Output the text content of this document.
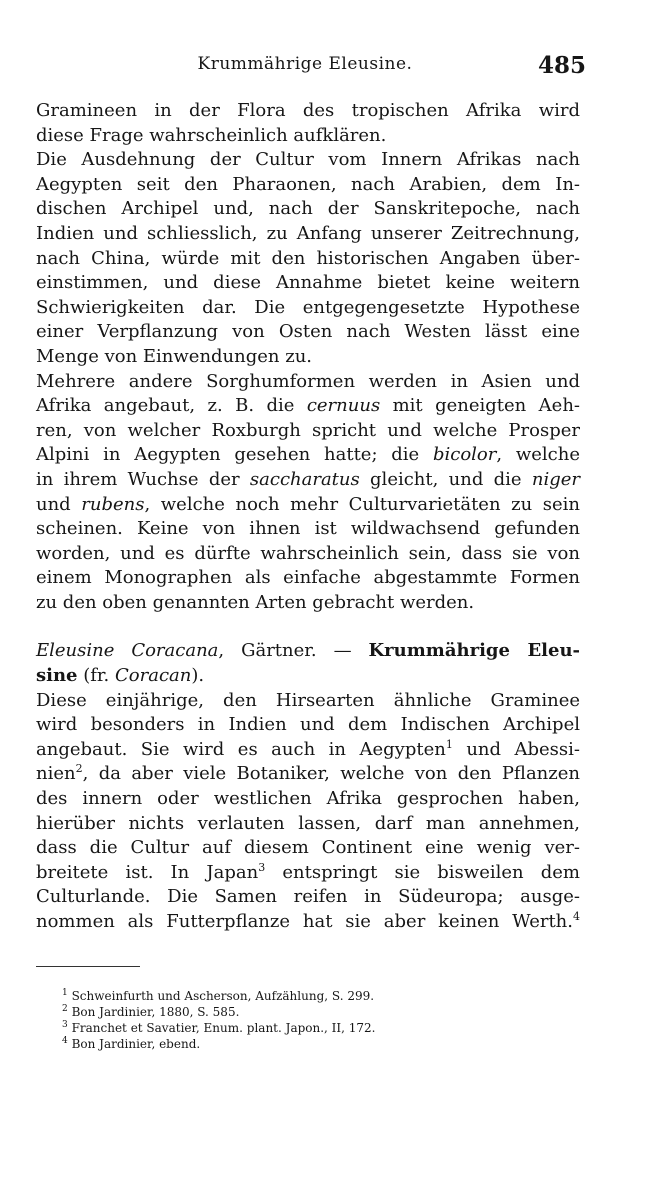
Krummährige Eleusine.	485
Gramineen in der Flora des tropischen Afrika wird
diese Frage wahrscheinlich aufklären.
Die Ausdehnung der Cultur vom Innern Afrikas nach
Aegypten seit den Pharaonen, nach Arabien, dem In-
dischen Archipel und, nach der Sanskritepoche, nach
Indien und schliesslich, zu Anfang unserer Zeitrechnung,
nach China, würde mit den historischen Angaben über-
einstimmen, und diese Annahme bietet keine weitern
Schwierigkeiten dar. Die entgegengesetzte Hypothese
einer Verpflanzung von Osten nach Westen lässt eine
Menge von Einwendungen zu.
Mehrere andere Sorghumformen werden in Asien und
Afrika angebaut, z. B. die cernuus mit geneigten Aeh-
ren, von welcher Roxburgh spricht und welche Prosper
Alpini in Aegypten gesehen hatte; die bicolor, welche
in ihrem Wuchse der saccharatus gleicht, und die niger
und rubens, welche noch mehr Culturvarietäten zu sein
scheinen. Keine von ihnen ist wildwachsend gefunden
worden, und es dürfte wahrscheinlich sein, dass sie von
einem Monographen als einfache abgestammte Formen
zu den oben genannten Arten gebracht werden.
Eleusine Coracana, Gärtner. — Krummährige Eleu-
sine (fr. Coracan).
Diese einjährige, den Hirsearten ähnliche Graminee
wird besonders in Indien und dem Indischen Archipel
angebaut. Sie wird es auch in Aegypten$^1$ und Abessi-
nien$^2$, da aber viele Botaniker, welche von den Pflanzen
des innern oder westlichen Afrika gesprochen haben,
hierüber nichts verlauten lassen, darf man annehmen,
dass die Cultur auf diesem Continent eine wenig ver-
breitete ist. In Japan$^3$ entspringt sie bisweilen dem
Culturlande. Die Samen reifen in Südeuropa; ausge-
nommen als Futterpflanze hat sie aber keinen Werth.$^4$
$^1$ Schweinfurth und Ascherson, Aufzählung, S. 299.
$^2$ Bon Jardinier, 1880, S. 585.
$^3$ Franchet et Savatier, Enum. plant. Japon., II, 172.
$^4$ Bon Jardinier, ebend.
